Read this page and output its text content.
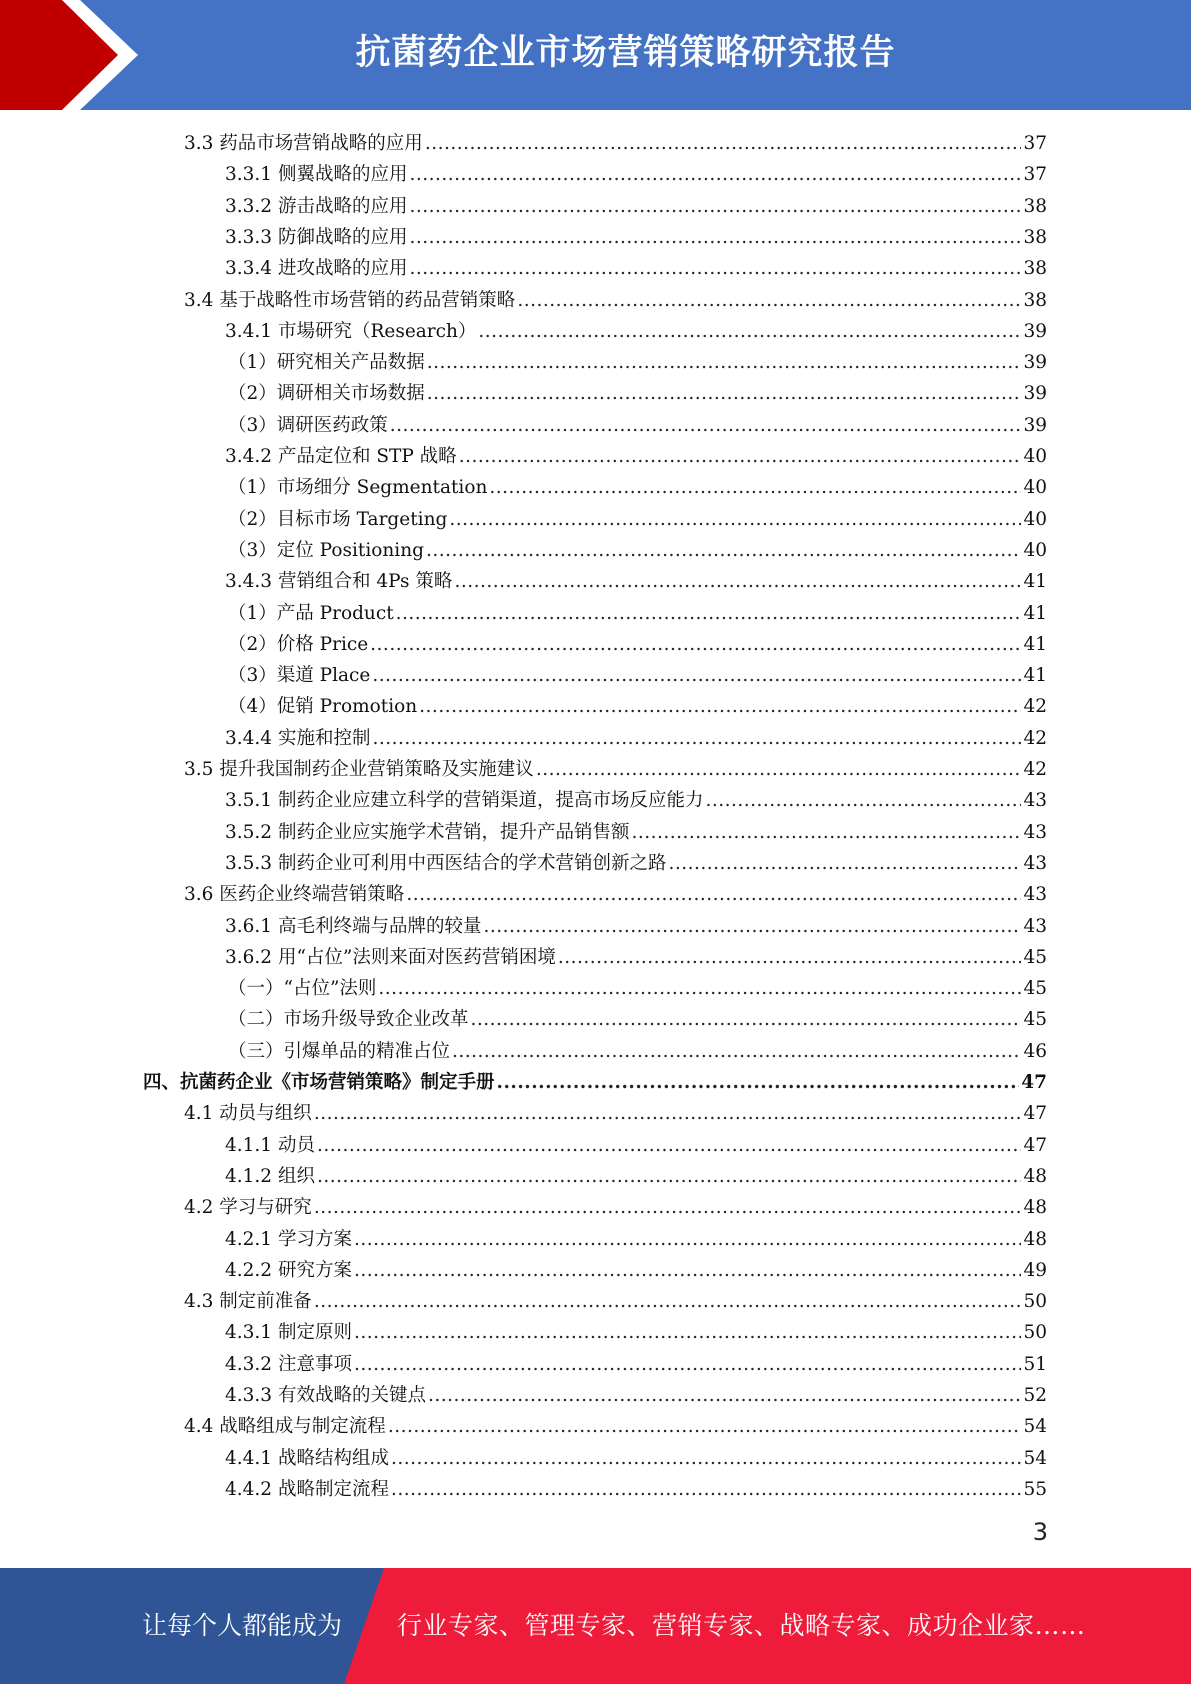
抗菌药企业市场营销策略研究报告
3.3 药品市场营销战略的应用 .....	37
3.3.1 侧翼战略的应用 .....	37
3.3.2 游击战略的应用 .....	38
3.3.3 防御战略的应用 .....	38
3.3.4 进攻战略的应用 .....	38
3.4 基于战略性市场营销的药品营销策略 .....	38
3.4.1 市場研究（Research） .....	39
（1）研究相关产品数据 .....	39
（2）调研相关市场数据 .....	39
（3）调研医药政策 .....	39
3.4.2 产品定位和 STP 战略 .....	40
（1）市场细分 Segmentation .....	40
（2）目标市场 Targeting .....	40
（3）定位 Positioning .....	40
3.4.3 营销组合和 4Ps 策略 .....	41
（1）产品 Product .....	41
（2）价格 Price .....	41
（3）渠道 Place .....	41
（4）促销 Promotion .....	42
3.4.4 实施和控制 .....	42
3.5 提升我国制药企业营销策略及实施建议 .....	42
3.5.1 制药企业应建立科学的营销渠道，提高市场反应能力 .....	43
3.5.2 制药企业应实施学术营销，提升产品销售额 .....	43
3.5.3 制药企业可利用中西医结合的学术营销创新之路 .....	43
3.6 医药企业终端营销策略 .....	43
3.6.1 高毛利终端与品牌的较量 .....	43
3.6.2 用“占位”法则来面对医药营销困境 .....	45
（一）“占位”法则 .....	45
（二）市场升级导致企业改革 .....	45
（三）引爆单品的精准占位 .....	46
四、抗菌药企业《市场营销策略》制定手册 .....	47
4.1 动员与组织 .....	47
4.1.1 动员 .....	47
4.1.2 组织 .....	48
4.2 学习与研究 .....	48
4.2.1 学习方案 .....	48
4.2.2 研究方案 .....	49
4.3 制定前准备 .....	50
4.3.1 制定原则 .....	50
4.3.2 注意事项 .....	51
4.3.3 有效战略的关键点 .....	52
4.4 战略组成与制定流程 .....	54
4.4.1 战略结构组成 .....	54
4.4.2 战略制定流程 .....	55
3
让每个人都能成为 行业专家、管理专家、营销专家、战略专家、成功企业家……
